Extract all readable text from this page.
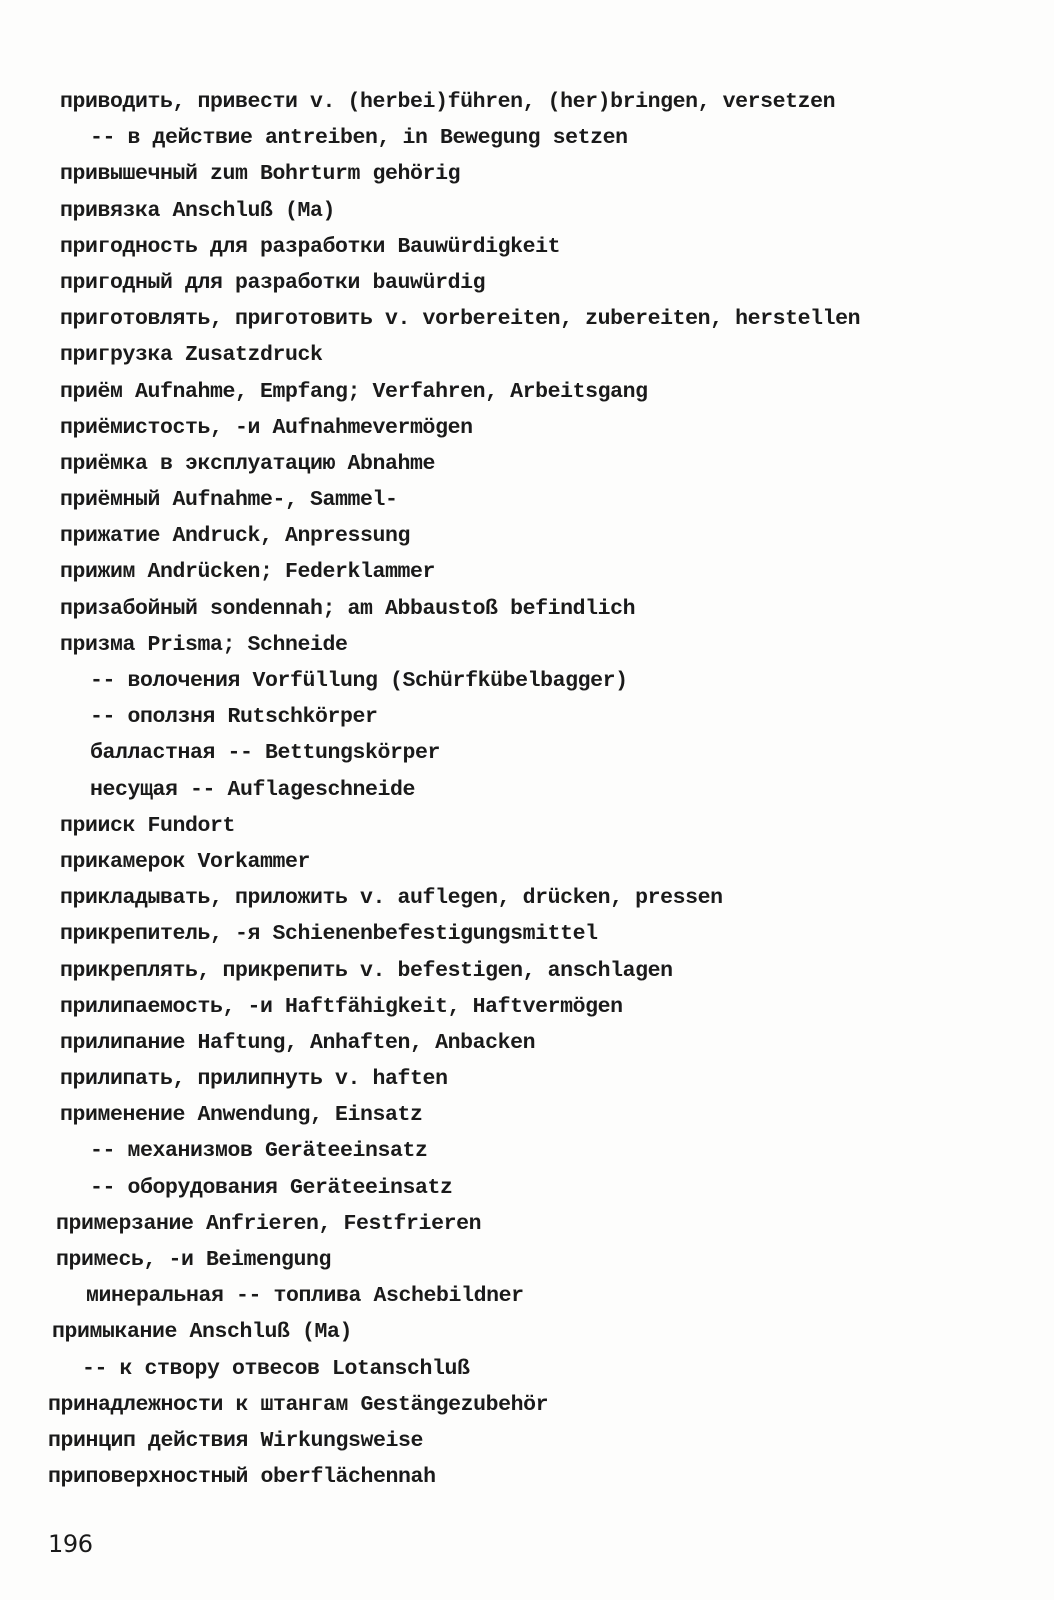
приводить, привести v. (herbei)führen, (her)bringen, versetzen
-- в действие antreiben, in Bewegung setzen
привышечный zum Bohrturm gehörig
привязка Anschluß (Ma)
пригодность для разработки Bauwürdigkeit
пригодный для разработки bauwürdig
приготовлять, приготовить v. vorbereiten, zubereiten, herstellen
пригрузка Zusatzdruck
приём Aufnahme, Empfang; Verfahren, Arbeitsgang
приёмистость, -и Aufnahmevermögen
приёмка в эксплуатацию Abnahme
приёмный Aufnahme-, Sammel-
прижатие Andruck, Anpressung
прижим Andrücken; Federklammer
призабойный sondennah; am Abbaustoß befindlich
призма Prisma; Schneide
-- волочения Vorfüllung (Schürfkübelbagger)
-- оползня Rutschkörper
балластная -- Bettungskörper
несущая -- Auflageschneide
прииск Fundort
прикамерок Vorkammer
прикладывать, приложить v. auflegen, drücken, pressen
прикрепитель, -я Schienenbefestigungsmittel
прикреплять, прикрепить v. befestigen, anschlagen
прилипаемость, -и Haftfähigkeit, Haftvermögen
прилипание Haftung, Anhaften, Anbacken
прилипать, прилипнуть v. haften
применение Anwendung, Einsatz
-- механизмов Geräteeinsatz
-- оборудования Geräteeinsatz
примерзание Anfrieren, Festfrieren
примесь, -и Beimengung
минеральная -- топлива Aschebildner
примыкание Anschluß (Ma)
-- к створу отвесов Lotanschluß
принадлежности к штангам Gestängezubehör
принцип действия Wirkungsweise
приповерхностный oberflächennah
196
